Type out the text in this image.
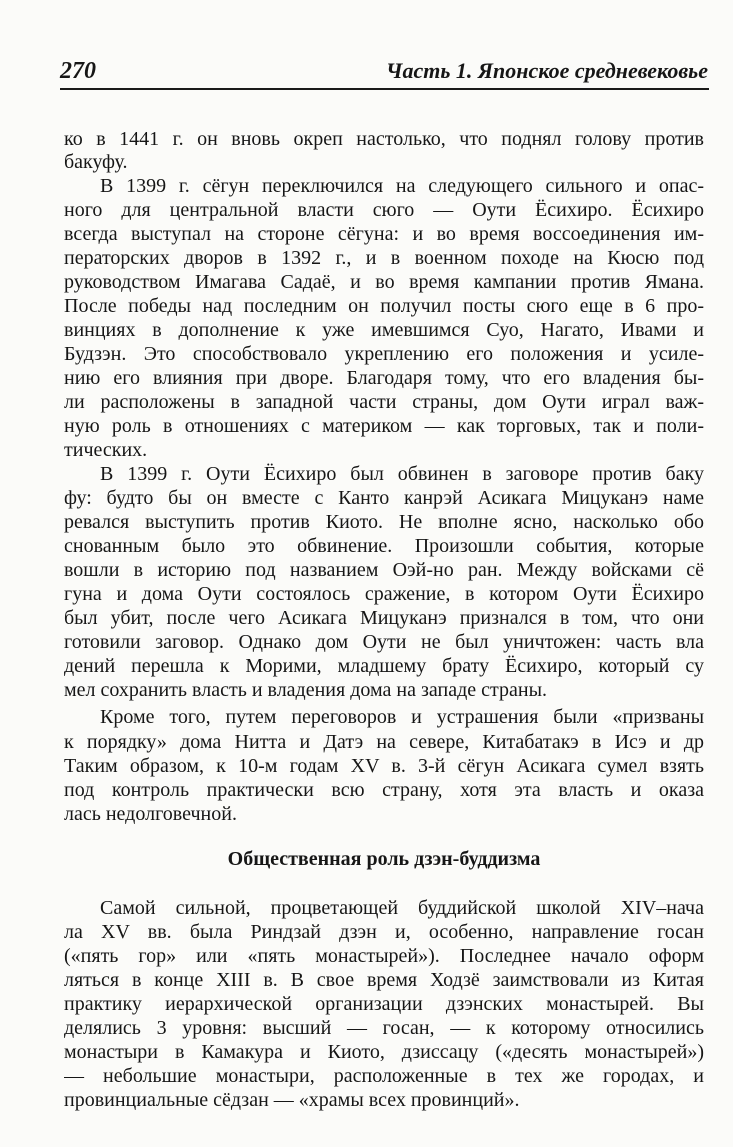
270	Часть 1. Японское средневековье
ко в 1441 г. он вновь окреп настолько, что поднял голову против
бакуфу.
В 1399 г. сёгун переключился на следующего сильного и опас-
ного для центральной власти сюго — Оути Ёсихиро. Ёсихиро
всегда выступал на стороне сёгуна: и во время воссоединения им-
ператорских дворов в 1392 г., и в военном походе на Кюсю под
руководством Имагава Садаё, и во время кампании против Ямана.
После победы над последним он получил посты сюго еще в 6 про-
винциях в дополнение к уже имевшимся Суо, Нагато, Ивами и
Будзэн. Это способствовало укреплению его положения и усиле-
нию его влияния при дворе. Благодаря тому, что его владения бы-
ли расположены в западной части страны, дом Оути играл важ-
ную роль в отношениях с материком — как торговых, так и поли-
тических.
В 1399 г. Оути Ёсихиро был обвинен в заговоре против баку
фу: будто бы он вместе с Канто канрэй Асикага Мицуканэ наме
ревался выступить против Киото. Не вполне ясно, насколько обо
снованным было это обвинение. Произошли события, которые
вошли в историю под названием Оэй-но ран. Между войсками сё
гуна и дома Оути состоялось сражение, в котором Оути Ёсихиро
был убит, после чего Асикага Мицуканэ признался в том, что они
готовили заговор. Однако дом Оути не был уничтожен: часть вла
дений перешла к Морими, младшему брату Ёсихиро, который су
мел сохранить власть и владения дома на западе страны.
Кроме того, путем переговоров и устрашения были «призваны
к порядку» дома Нитта и Датэ на севере, Китабатакэ в Исэ и др
Таким образом, к 10-м годам XV в. 3-й сёгун Асикага сумел взять
под контроль практически всю страну, хотя эта власть и оказа
лась недолговечной.
Общественная роль дзэн-буддизма
Самой сильной, процветающей буддийской школой XIV–нача
ла XV вв. была Риндзай дзэн и, особенно, направление госан
(«пять гор» или «пять монастырей»). Последнее начало оформ
ляться в конце XIII в. В свое время Ходзё заимствовали из Китая
практику иерархической организации дзэнских монастырей. Вы
делялись 3 уровня: высший — госан, — к которому относились
монастыри в Камакура и Киото, дзиссацу («десять монастырей»)
— небольшие монастыри, расположенные в тех же городах, и
провинциальные сёдзан — «храмы всех провинций».
